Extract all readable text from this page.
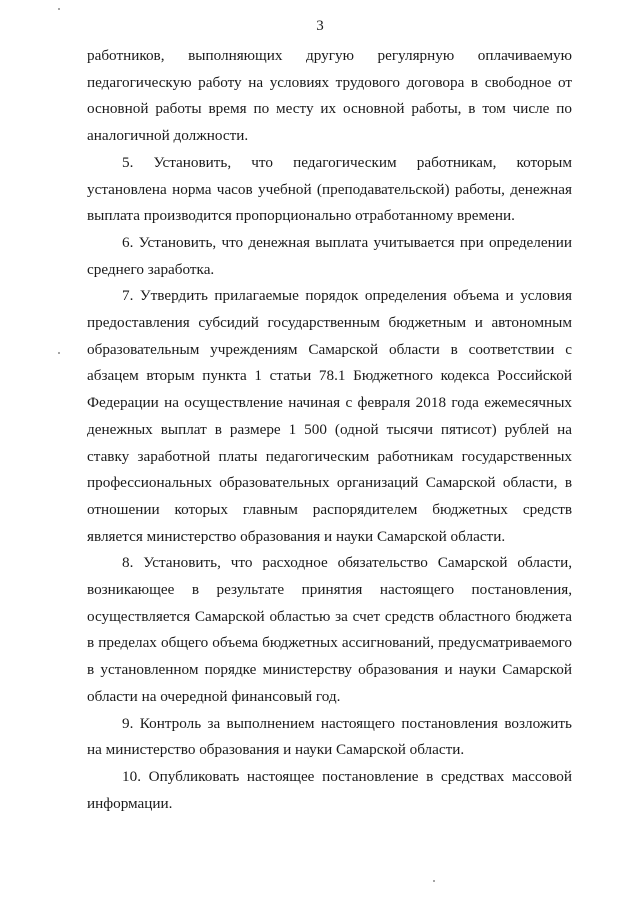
3

работников, выполняющих другую регулярную оплачиваемую педагогическую работу на условиях трудового договора в свободное от основной работы время по месту их основной работы, в том числе по аналогичной должности.

5. Установить, что педагогическим работникам, которым установлена норма часов учебной (преподавательской) работы, денежная выплата производится пропорционально отработанному времени.

6. Установить, что денежная выплата учитывается при определении среднего заработка.

7. Утвердить прилагаемые порядок определения объема и условия предоставления субсидий государственным бюджетным и автономным образовательным учреждениям Самарской области в соответствии с абзацем вторым пункта 1 статьи 78.1 Бюджетного кодекса Российской Федерации на осуществление начиная с февраля 2018 года ежемесячных денежных выплат в размере 1 500 (одной тысячи пятисот) рублей на ставку заработной платы педагогическим работникам государственных профессиональных образовательных организаций Самарской области, в отношении которых главным распорядителем бюджетных средств является министерство образования и науки Самарской области.

8. Установить, что расходное обязательство Самарской области, возникающее в результате принятия настоящего постановления, осуществляется Самарской областью за счет средств областного бюджета в пределах общего объема бюджетных ассигнований, предусматриваемого в установленном порядке министерству образования и науки Самарской области на очередной финансовый год.

9. Контроль за выполнением настоящего постановления возложить на министерство образования и науки Самарской области.

10. Опубликовать настоящее постановление в средствах массовой информации.
